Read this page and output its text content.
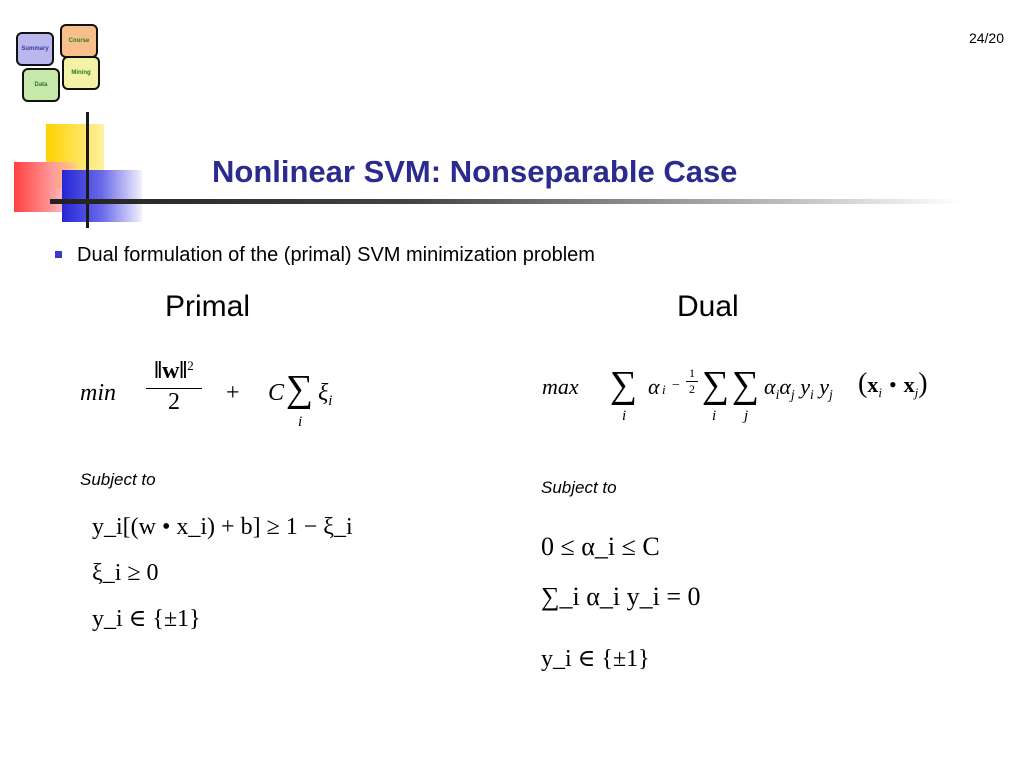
24/20
Course
Summary
Mining
Data
Nonlinear SVM: Nonseparable Case
Dual formulation of the (primal) SVM minimization problem
Primal	Dual
min
‖w‖$^2$
2	+ C ∑
i
$\xi_i$
Subject to
y_i[(w • x_i) + b] ≥ 1 − ξ_i
ξ_i ≥ 0
y_i ∈ {±1}
max ∑
i
α i −
1
2 ∑
i
∑
j
$\alpha_i\alpha_j$ $y_i$ $y_j$ (xi • xj)
Subject to
0 ≤ α_i ≤ C
∑_i α_i y_i = 0
y_i ∈ {±1}
